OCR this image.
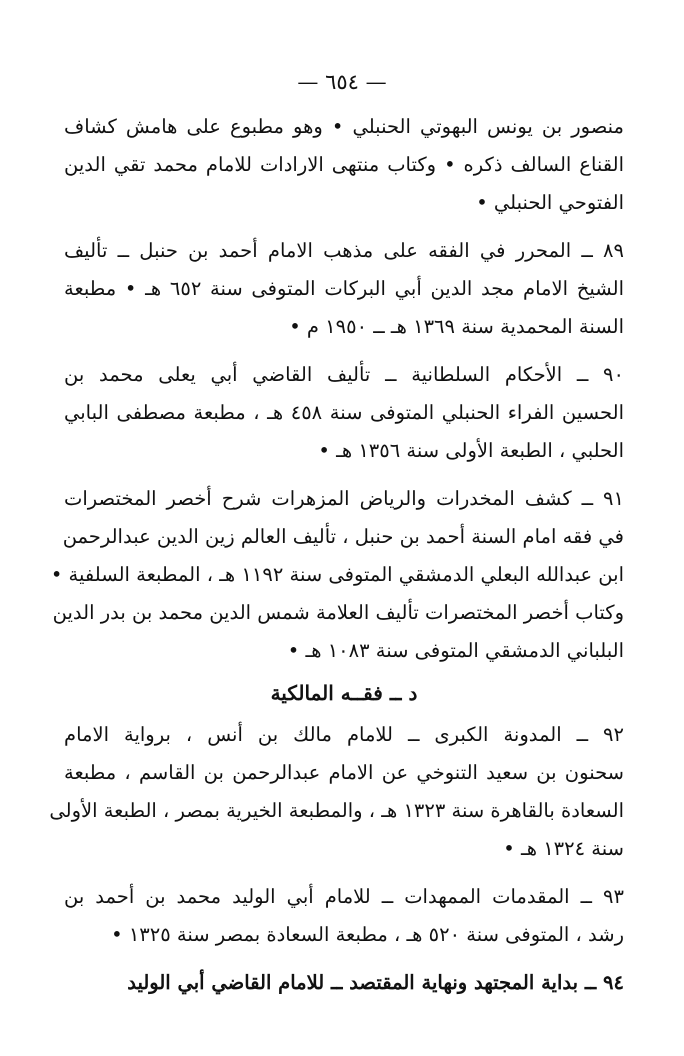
— ٦٥٤ —
منصور بن يونس البهوتي الحنبلي • وهو مطبوع على هامش كشاف
القناع السالف ذكره • وكتاب منتهى الارادات للامام محمد تقي الدين
الفتوحي الحنبلي •
٨٩ ــ المحرر في الفقه على مذهب الامام أحمد بن حنبل ــ تأليف
الشيخ الامام مجد الدين أبي البركات المتوفى سنة ٦٥٢ هـ • مطبعة
السنة المحمدية سنة ١٣٦٩ هـ ــ ١٩٥٠ م •
٩٠ ــ الأحكام السلطانية ــ تأليف القاضي أبي يعلى محمد بن
الحسين الفراء الحنبلي المتوفى سنة ٤٥٨ هـ ، مطبعة مصطفى البابي
الحلبي ، الطبعة الأولى سنة ١٣٥٦ هـ •
٩١ ــ كشف المخدرات والرياض المزهرات شرح أخصر المختصرات
في فقه امام السنة أحمد بن حنبل ، تأليف العالم زين الدين عبدالرحمن
ابن عبدالله البعلي الدمشقي المتوفى سنة ١١٩٢ هـ ، المطبعة السلفية •
وكتاب أخصر المختصرات تأليف العلامة شمس الدين محمد بن بدر الدين
البلباني الدمشقي المتوفى سنة ١٠٨٣ هـ •
د ــ فقــه المالكية
٩٢ ــ المدونة الكبرى ــ للامام مالك بن أنس ، برواية الامام
سحنون بن سعيد التنوخي عن الامام عبدالرحمن بن القاسم ، مطبعة
السعادة بالقاهرة سنة ١٣٢٣ هـ ، والمطبعة الخيرية بمصر ، الطبعة الأولى
سنة ١٣٢٤ هـ •
٩٣ ــ المقدمات الممهدات ــ للامام أبي الوليد محمد بن أحمد بن
رشد ، المتوفى سنة ٥٢٠ هـ ، مطبعة السعادة بمصر سنة ١٣٢٥ •
٩٤ ــ بداية المجتهد ونهاية المقتصد ــ للامام القاضي أبي الوليد
